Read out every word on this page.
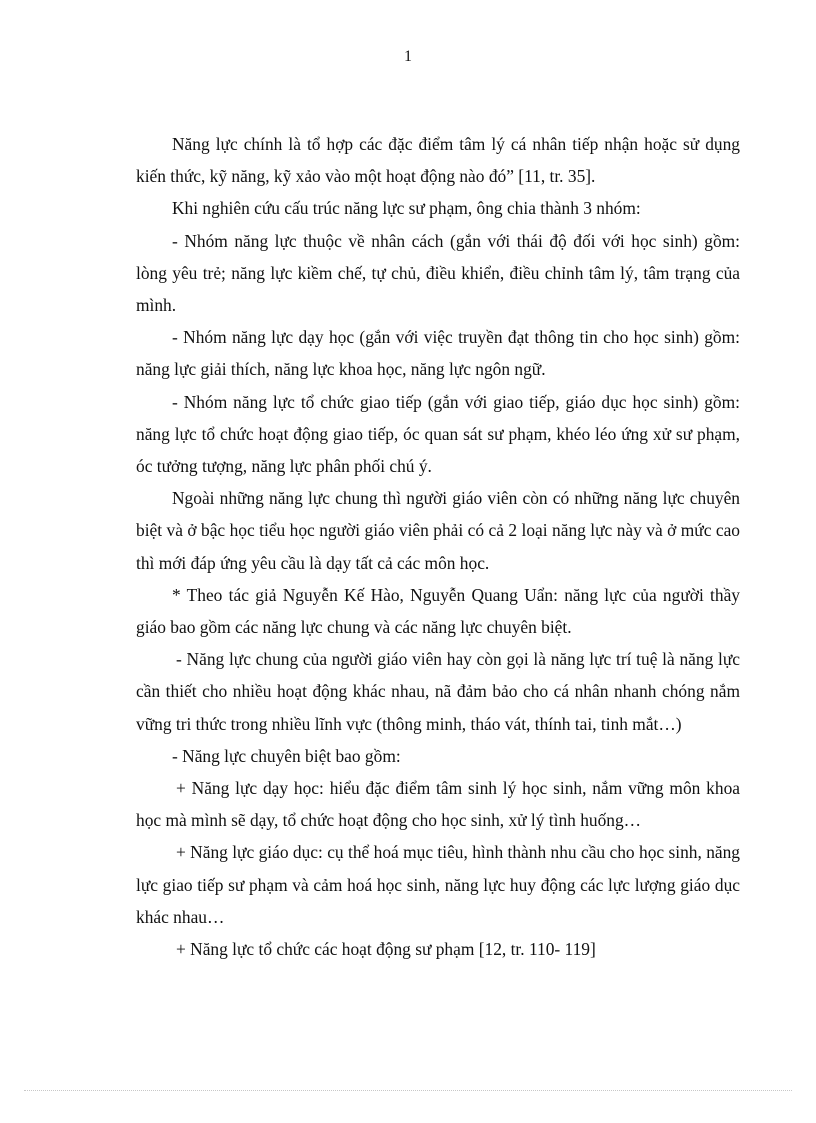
1

Năng lực chính là tổ hợp các đặc điểm tâm lý cá nhân tiếp nhận hoặc sử dụng kiến thức, kỹ năng, kỹ xảo vào một hoạt động nào đó” [11, tr. 35].

Khi nghiên cứu cấu trúc năng lực sư phạm, ông chia thành 3 nhóm:

- Nhóm năng lực thuộc về nhân cách (gắn với thái độ đối với học sinh) gồm: lòng yêu trẻ; năng lực kiềm chế, tự chủ, điều khiển, điều chỉnh tâm lý, tâm trạng của mình.

- Nhóm năng lực dạy học (gắn với việc truyền đạt thông tin cho học sinh) gồm: năng lực giải thích, năng lực khoa học, năng lực ngôn ngữ.

- Nhóm năng lực tổ chức giao tiếp (gắn với giao tiếp, giáo dục học sinh) gồm: năng lực tổ chức hoạt động giao tiếp, óc quan sát sư phạm, khéo léo ứng xử sư phạm, óc tưởng tượng, năng lực phân phối chú ý.

Ngoài những năng lực chung thì người giáo viên còn có những năng lực chuyên biệt và ở bậc học tiểu học người giáo viên phải có cả 2 loại năng lực này và ở mức cao thì mới đáp ứng yêu cầu là dạy tất cả các môn học.

* Theo tác giả Nguyễn Kế Hào, Nguyễn Quang Uẩn: năng lực của người thầy giáo bao gồm các năng lực chung và các năng lực chuyên biệt.

- Năng lực chung của người giáo viên hay còn gọi là năng lực trí tuệ là năng lực cần thiết cho nhiều hoạt động khác nhau, nã đảm bảo cho cá nhân nhanh chóng nắm vững tri thức trong nhiều lĩnh vực (thông minh, tháo vát, thính tai, tinh mắt…)

- Năng lực chuyên biệt bao gồm:

+ Năng lực dạy học: hiểu đặc điểm tâm sinh lý học sinh, nắm vững môn khoa học mà mình sẽ dạy, tổ chức hoạt động cho học sinh, xử lý tình huống…

+ Năng lực giáo dục: cụ thể hoá mục tiêu, hình thành nhu cầu cho học sinh, năng lực giao tiếp sư phạm và cảm hoá học sinh, năng lực huy động các lực lượng giáo dục khác nhau…

+ Năng lực tổ chức các hoạt động sư phạm [12, tr. 110- 119]
